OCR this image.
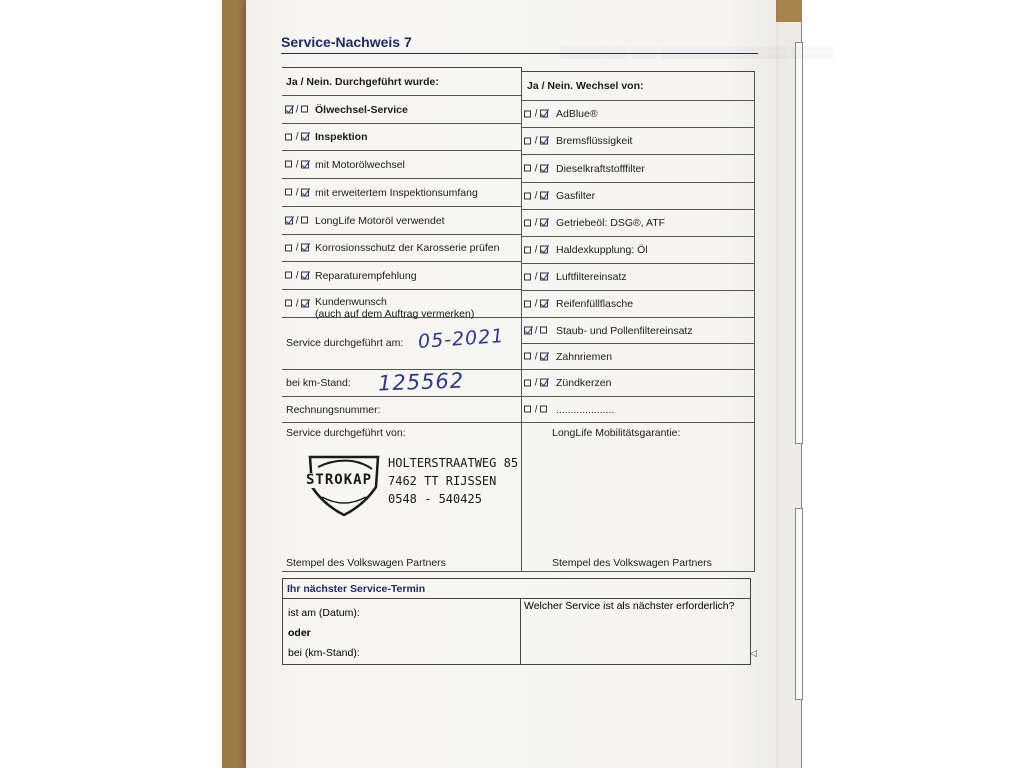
▒▒▒▒▒ ▒▒▒▒▒▒▒▒▒▒▒▒▒▒▒ ▒▒▒ ▒▒▒▒▒▒▒▒
Service-Nachweis 7
Ja / Nein. Durchgeführt wurde:	Ja / Nein. Wechsel von:
/	Ölwechsel-Service
/	Inspektion
/	mit Motorölwechsel
/	mit erweitertem Inspektionsumfang
/	LongLife Motoröl verwendet
/	Korrosionsschutz der Karosserie prüfen
/	Reparaturempfehlung
/	Kundenwunsch
(auch auf dem Auftrag vermerken)
/	AdBlue®
/	Bremsflüssigkeit
/	Dieselkraftstofffilter
/	Gasfilter
/	Getriebeöl: DSG®, ATF
/	Haldexkupplung: Öl
/	Luftfiltereinsatz
/	Reifenfüllflasche
/	Staub- und Pollenfiltereinsatz
/	Zahnriemen
/	Zündkerzen
/	....................
Service durchgeführt am: 05-2021
bei km-Stand: 125562
Rechnungsnummer:
Service durchgeführt von:
STROKAP
HOLTERSTRAATWEG 85
7462 TT RIJSSEN
0548 - 540425
Stempel des Volkswagen Partners
LongLife Mobilitätsgarantie:
Stempel des Volkswagen Partners
Ihr nächster Service-Termin
ist am (Datum):
oder
bei (km-Stand):
Welcher Service ist als nächster erforderlich?
◁
